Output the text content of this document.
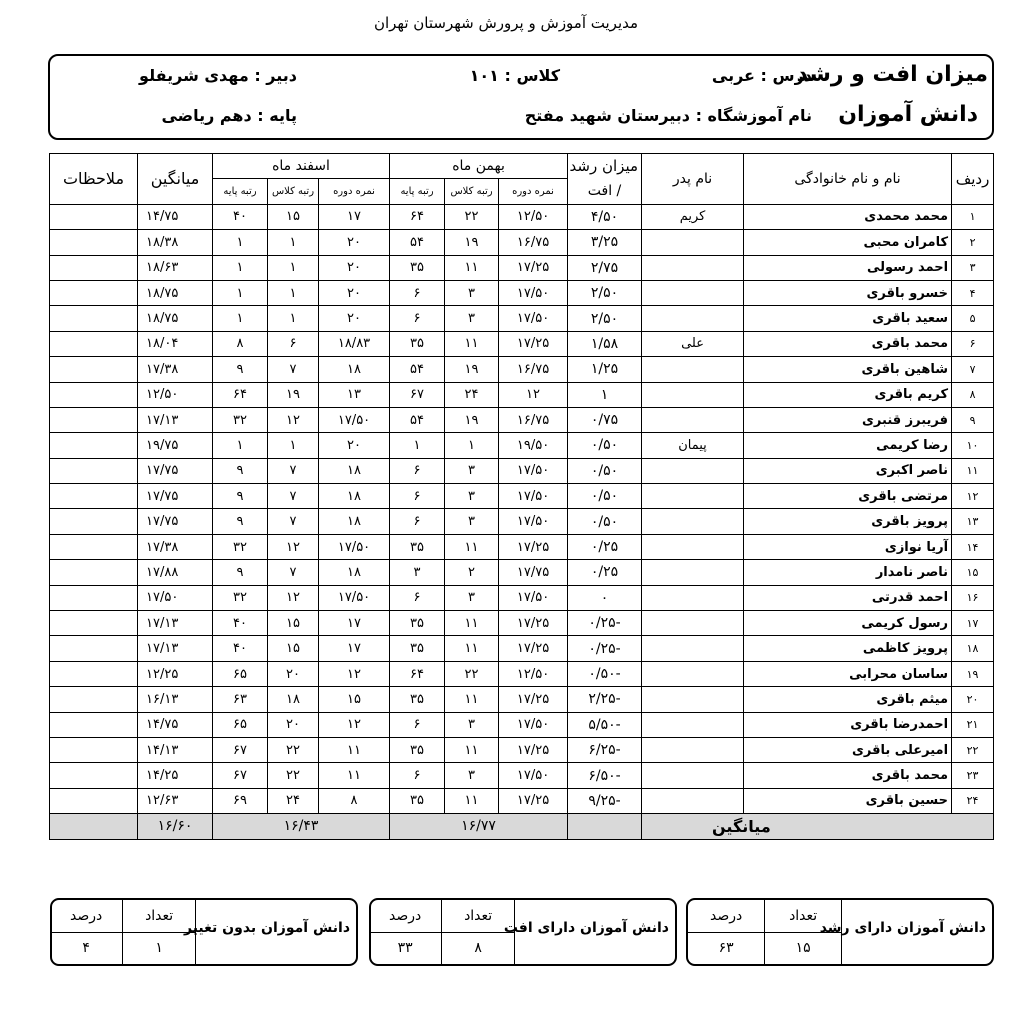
مدیریت آموزش و پرورش شهرستان تهران
میزان افت و رشد
دانش آموزان
درس : عربی
نام آموزشگاه : دبیرستان شهید مفتح
کلاس : ۱۰۱
دبیر : مهدی شریفلو
پایه : دهم ریاضی
ردیف	نام و نام خانوادگی	نام پدر	میزان رشد	بهمن ماه			اسفند ماه			میانگین	ملاحظات
			/ افت	نمره دوره	رتبه کلاس	رتبه پایه	نمره دوره	رتبه کلاس	رتبه پایه		
۱	محمد محمدی	کریم	۴/۵۰	۱۲/۵۰	۲۲	۶۴	۱۷	۱۵	۴۰	۱۴/۷۵	
۲	کامران محبی		۳/۲۵	۱۶/۷۵	۱۹	۵۴	۲۰	۱	۱	۱۸/۳۸	
۳	احمد رسولی		۲/۷۵	۱۷/۲۵	۱۱	۳۵	۲۰	۱	۱	۱۸/۶۳	
۴	خسرو باقری		۲/۵۰	۱۷/۵۰	۳	۶	۲۰	۱	۱	۱۸/۷۵	
۵	سعید باقری		۲/۵۰	۱۷/۵۰	۳	۶	۲۰	۱	۱	۱۸/۷۵	
۶	محمد باقری	علی	۱/۵۸	۱۷/۲۵	۱۱	۳۵	۱۸/۸۳	۶	۸	۱۸/۰۴	
۷	شاهین باقری		۱/۲۵	۱۶/۷۵	۱۹	۵۴	۱۸	۷	۹	۱۷/۳۸	
۸	کریم باقری		۱	۱۲	۲۴	۶۷	۱۳	۱۹	۶۴	۱۲/۵۰	
۹	فریبرز قنبری		۰/۷۵	۱۶/۷۵	۱۹	۵۴	۱۷/۵۰	۱۲	۳۲	۱۷/۱۳	
۱۰	رضا کریمی	پیمان	۰/۵۰	۱۹/۵۰	۱	۱	۲۰	۱	۱	۱۹/۷۵	
۱۱	ناصر اکبری		۰/۵۰	۱۷/۵۰	۳	۶	۱۸	۷	۹	۱۷/۷۵	
۱۲	مرتضی باقری		۰/۵۰	۱۷/۵۰	۳	۶	۱۸	۷	۹	۱۷/۷۵	
۱۳	پرویز باقری		۰/۵۰	۱۷/۵۰	۳	۶	۱۸	۷	۹	۱۷/۷۵	
۱۴	آریا نوازی		۰/۲۵	۱۷/۲۵	۱۱	۳۵	۱۷/۵۰	۱۲	۳۲	۱۷/۳۸	
۱۵	ناصر نامدار		۰/۲۵	۱۷/۷۵	۲	۳	۱۸	۷	۹	۱۷/۸۸	
۱۶	احمد قدرتی		۰	۱۷/۵۰	۳	۶	۱۷/۵۰	۱۲	۳۲	۱۷/۵۰	
۱۷	رسول کریمی		-۰/۲۵	۱۷/۲۵	۱۱	۳۵	۱۷	۱۵	۴۰	۱۷/۱۳	
۱۸	پرویز کاظمی		-۰/۲۵	۱۷/۲۵	۱۱	۳۵	۱۷	۱۵	۴۰	۱۷/۱۳	
۱۹	ساسان محرابی		-۰/۵۰	۱۲/۵۰	۲۲	۶۴	۱۲	۲۰	۶۵	۱۲/۲۵	
۲۰	میثم باقری		-۲/۲۵	۱۷/۲۵	۱۱	۳۵	۱۵	۱۸	۶۳	۱۶/۱۳	
۲۱	احمدرضا باقری		-۵/۵۰	۱۷/۵۰	۳	۶	۱۲	۲۰	۶۵	۱۴/۷۵	
۲۲	امیرعلی باقری		-۶/۲۵	۱۷/۲۵	۱۱	۳۵	۱۱	۲۲	۶۷	۱۴/۱۳	
۲۳	محمد باقری		-۶/۵۰	۱۷/۵۰	۳	۶	۱۱	۲۲	۶۷	۱۴/۲۵	
۲۴	حسین باقری		-۹/۲۵	۱۷/۲۵	۱۱	۳۵	۸	۲۴	۶۹	۱۲/۶۳	
میانگین				۱۶/۷۷			۱۶/۴۳			۱۶/۶۰	
دانش آموزان دارای رشد
تعداد	درصد
۱۵	۶۳
دانش آموزان دارای افت
تعداد	درصد
۸	۳۳
دانش آموزان بدون تغییر
تعداد	درصد
۱	۴
